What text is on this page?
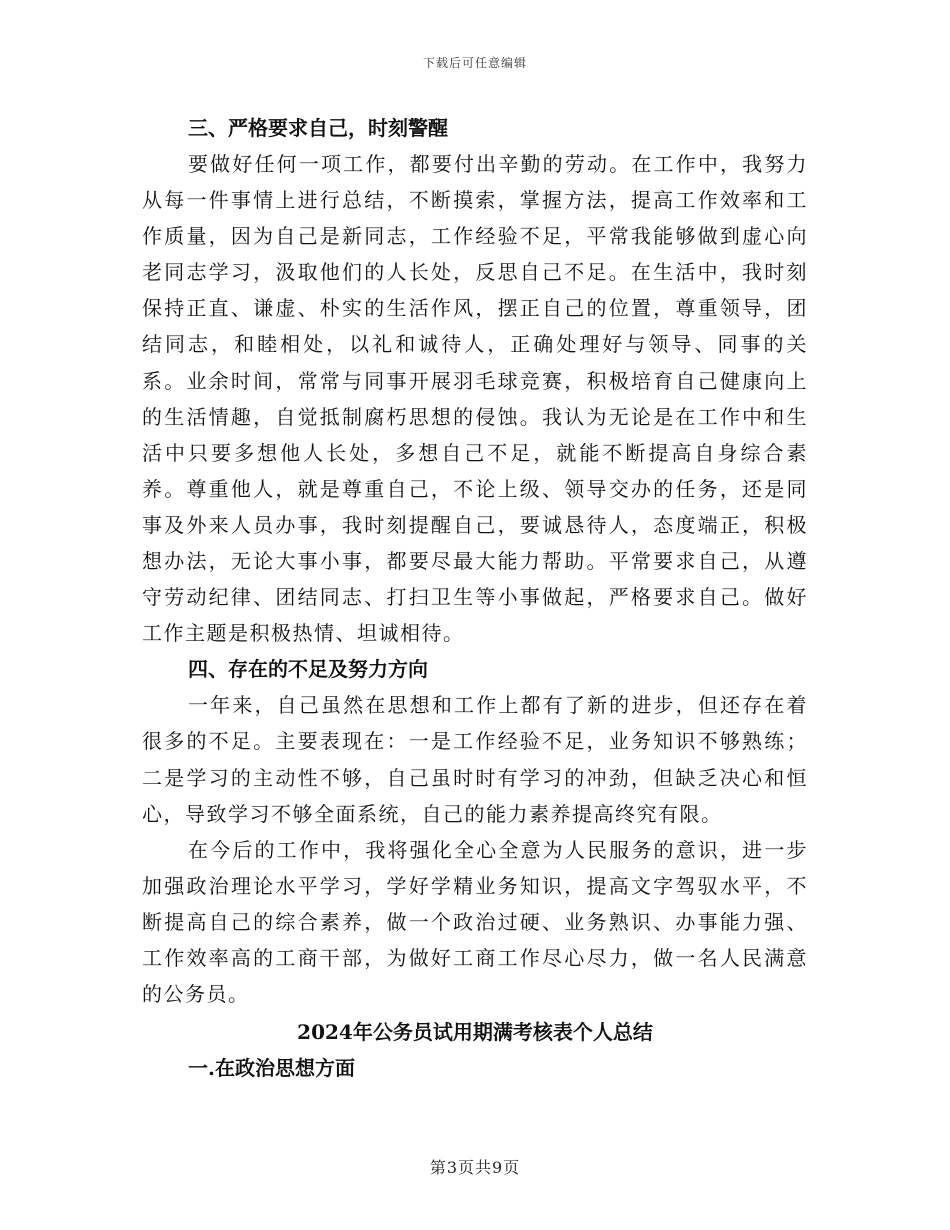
下载后可任意编辑
三、严格要求自己，时刻警醒

要做好任何一项工作，都要付出辛勤的劳动。在工作中，我努力从每一件事情上进行总结，不断摸索，掌握方法，提高工作效率和工作质量，因为自己是新同志，工作经验不足，平常我能够做到虚心向老同志学习，汲取他们的人长处，反思自己不足。在生活中，我时刻保持正直、谦虚、朴实的生活作风，摆正自己的位置，尊重领导，团结同志，和睦相处，以礼和诚待人，正确处理好与领导、同事的关系。业余时间，常常与同事开展羽毛球竞赛，积极培育自己健康向上的生活情趣，自觉抵制腐朽思想的侵蚀。我认为无论是在工作中和生活中只要多想他人长处，多想自己不足，就能不断提高自身综合素养。尊重他人，就是尊重自己，不论上级、领导交办的任务，还是同事及外来人员办事，我时刻提醒自己，要诚恳待人，态度端正，积极想办法，无论大事小事，都要尽最大能力帮助。平常要求自己，从遵守劳动纪律、团结同志、打扫卫生等小事做起，严格要求自己。做好工作主题是积极热情、坦诚相待。

四、存在的不足及努力方向

一年来，自己虽然在思想和工作上都有了新的进步，但还存在着很多的不足。主要表现在：一是工作经验不足，业务知识不够熟练；二是学习的主动性不够，自己虽时时有学习的冲劲，但缺乏决心和恒心，导致学习不够全面系统，自己的能力素养提高终究有限。

在今后的工作中，我将强化全心全意为人民服务的意识，进一步加强政治理论水平学习，学好学精业务知识，提高文字驾驭水平，不断提高自己的综合素养，做一个政治过硬、业务熟识、办事能力强、工作效率高的工商干部，为做好工商工作尽心尽力，做一名人民满意的公务员。

2024年公务员试用期满考核表个人总结
一.在政治思想方面
第3页共9页
